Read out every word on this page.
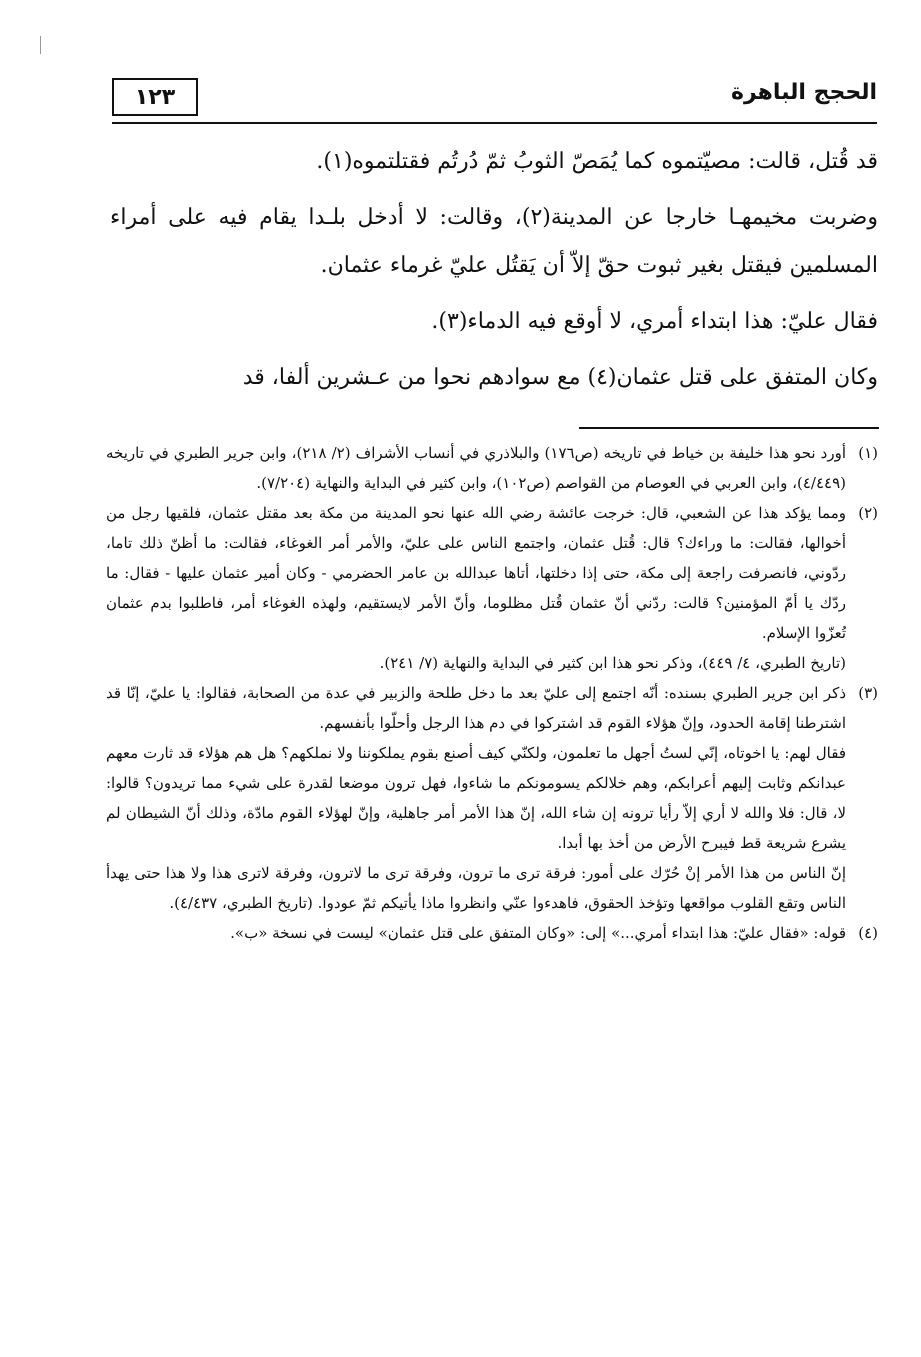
١٢٣	الحجج الباهرة

قد قُتل، قالت: مصيّتموه كما يُمَصّ الثوبُ ثمّ دُرتُم فقتلتموه(١).

وضربت مخيمهـا خارجا عن المدينة(٢)، وقالت: لا أدخل بلـدا يقام فيه على أمراء المسلمين فيقتل بغير ثبوت حقّ إلاّ أن يَقتُل عليّ غرماء عثمان.

فقال عليّ: هذا ابتداء أمري، لا أوقع فيه الدماء(٣).

وكان المتفق على قتل عثمان(٤) مع سوادهم نحوا من عـشرين ألفا، قد

(١)

أورد نحو هذا خليفة بن خياط في تاريخه (ص١٧٦) والبلاذري في أنساب الأشراف (٢/ ٢١٨)، وابن جرير الطبري في تاريخه (٤/٤٤٩)، وابن العربي في العوصام من القواصم (ص١٠٢)، وابن كثير في البداية والنهاية (٧/٢٠٤).

(٢)

ومما يؤكد هذا عن الشعبي، قال: خرجت عائشة رضي الله عنها نحو المدينة من مكة بعد مقتل عثمان، فلقيها رجل من أخوالها، فقالت: ما وراءك؟ قال: قُتل عثمان، واجتمع الناس على عليّ، والأمر أمر الغوغاء، فقالت: ما أظنّ ذلك تاما، ردّوني، فانصرفت راجعة إلى مكة، حتى إذا دخلتها، أتاها عبدالله بن عامر الحضرمي - وكان أمير عثمان عليها - فقال: ما ردّك يا أمّ المؤمنين؟ قالت: ردّني أنّ عثمان قُتل مظلوما، وأنّ الأمر لايستقيم، ولهذه الغوغاء أمر، فاطلبوا بدم عثمان تُعزّوا الإسلام.

(تاريخ الطبري، ٤/ ٤٤٩)، وذكر نحو هذا ابن كثير في البداية والنهاية (٧/ ٢٤١).

(٣)

ذكر ابن جرير الطبري بسنده: أنّه اجتمع إلى عليّ بعد ما دخل طلحة والزبير في عدة من الصحابة، فقالوا: يا عليّ، إنّا قد اشترطنا إقامة الحدود، وإنّ هؤلاء القوم قد اشتركوا في دم هذا الرجل وأحلّوا بأنفسهم.

فقال لهم: يا اخوتاه، إنّي لستُ أجهل ما تعلمون، ولكنّي كيف أصنع بقوم يملكوننا ولا نملكهم؟ هل هم هؤلاء قد ثارت معهم عبدانكم وثابت إليهم أعرابكم، وهم خلالكم يسومونكم ما شاءوا، فهل ترون موضعا لقدرة على شيء مما تريدون؟ قالوا: لا، قال: فلا والله لا أري إلاّ رأيا ترونه إن شاء الله، إنّ هذا الأمر أمر جاهلية، وإنّ لهؤلاء القوم مادّة، وذلك أنّ الشيطان لم يشرع شريعة قط فيبرح الأرض من أخذ بها أبدا.

إنّ الناس من هذا الأمر إنْ حُرّك على أمور: فرقة ترى ما ترون، وفرقة ترى ما لاترون، وفرقة لاترى هذا ولا هذا حتى يهدأ الناس وتقع القلوب مواقعها وتؤخذ الحقوق، فاهدءوا عنّي وانظروا ماذا يأتيكم ثمّ عودوا. (تاريخ الطبري، ٤/٤٣٧).

(٤)

قوله: «فقال عليّ: هذا ابتداء أمري...» إلى: «وكان المتفق على قتل عثمان» ليست في نسخة «ب».
